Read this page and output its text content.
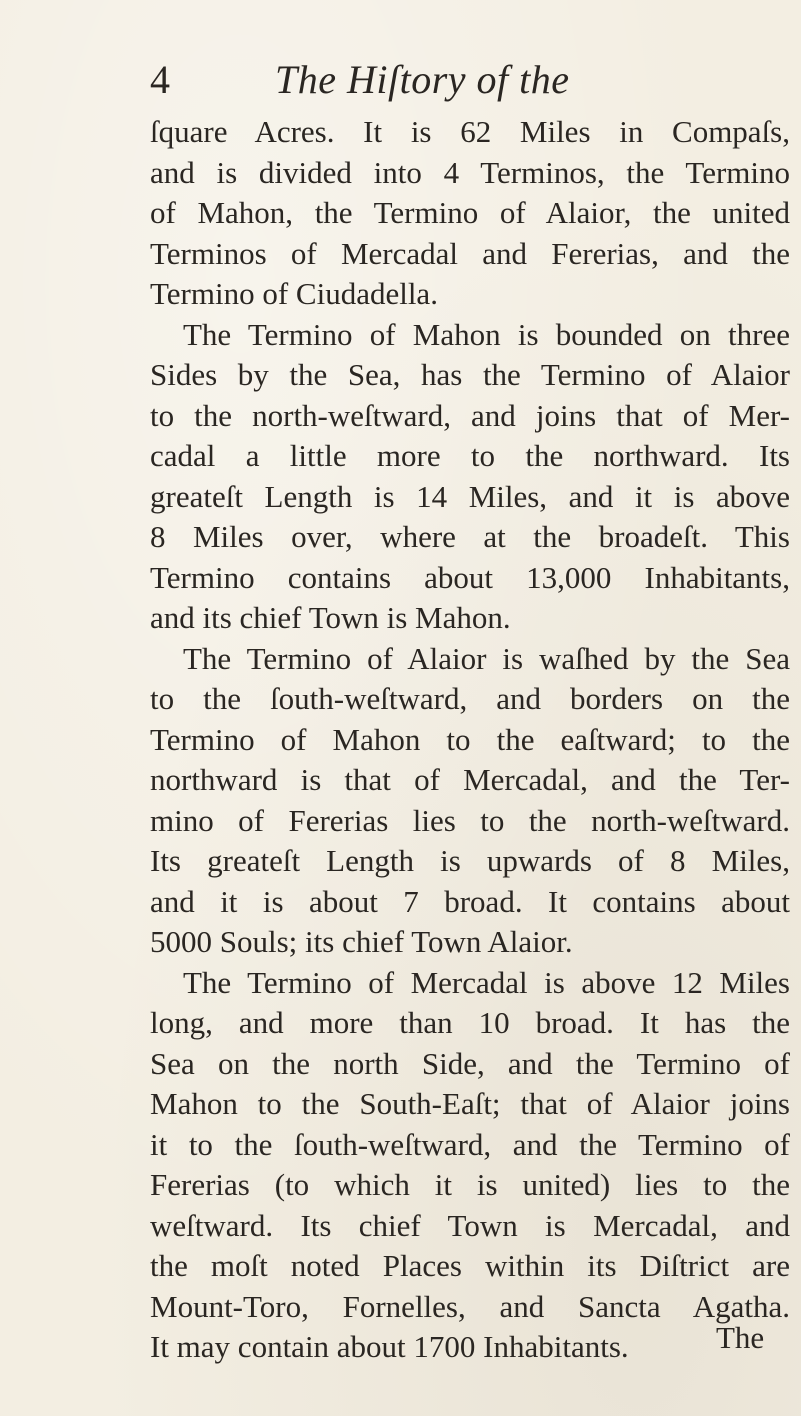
4	The Hiſtory of the
ſquare Acres. It is 62 Miles in Compaſs,
and is divided into 4 Terminos, the Termino
of Mahon, the Termino of Alaior, the united
Terminos of Mercadal and Fererias, and the
Termino of Ciudadella.
The Termino of Mahon is bounded on three
Sides by the Sea, has the Termino of Alaior
to the north-weſtward, and joins that of Mer-
cadal a little more to the northward. Its
greateſt Length is 14 Miles, and it is above
8 Miles over, where at the broadeſt. This
Termino contains about 13,000 Inhabitants,
and its chief Town is Mahon.
The Termino of Alaior is waſhed by the Sea
to the ſouth-weſtward, and borders on the
Termino of Mahon to the eaſtward; to the
northward is that of Mercadal, and the Ter-
mino of Fererias lies to the north-weſtward.
Its greateſt Length is upwards of 8 Miles,
and it is about 7 broad. It contains about
5000 Souls; its chief Town Alaior.
The Termino of Mercadal is above 12 Miles
long, and more than 10 broad. It has the
Sea on the north Side, and the Termino of
Mahon to the South-Eaſt; that of Alaior joins
it to the ſouth-weſtward, and the Termino of
Fererias (to which it is united) lies to the
weſtward. Its chief Town is Mercadal, and
the moſt noted Places within its Diſtrict are
Mount-Toro, Fornelles, and Sancta Agatha.
It may contain about 1700 Inhabitants.	The
